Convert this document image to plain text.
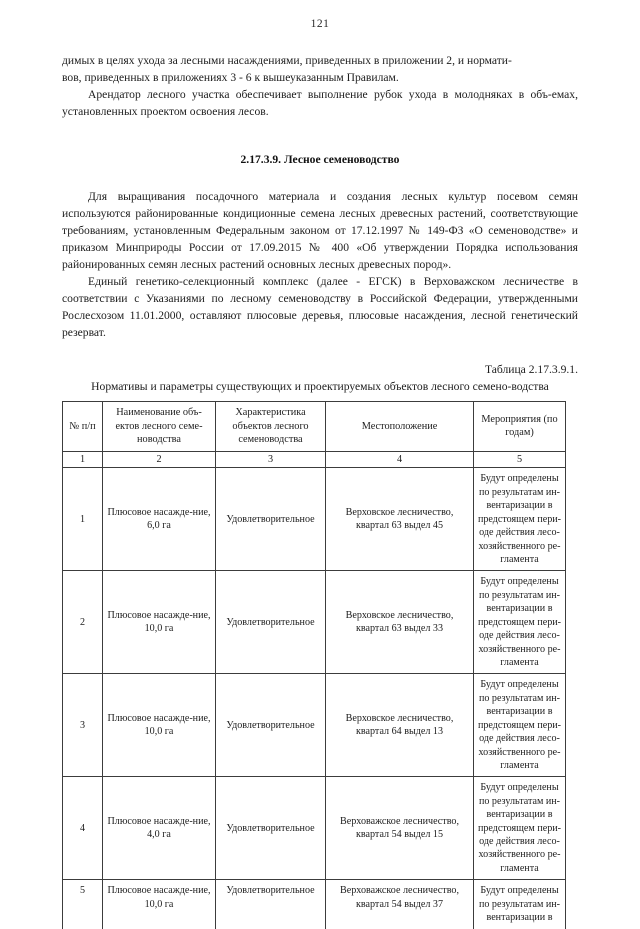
121

димых в целях ухода за лесными насаждениями, приведенных в приложении 2, и нормати-

вов, приведенных в приложениях 3 - 6 к вышеуказанным Правилам.

Арендатор лесного участка обеспечивает выполнение рубок ухода в молодняках в объ-емах, установленных проектом освоения лесов.

2.17.3.9. Лесное семеноводство

Для выращивания посадочного материала и создания лесных культур посевом семян используются районированные кондиционные семена лесных древесных растений, соответствующие требованиям, установленным Федеральным законом от 17.12.1997 № 149-ФЗ «О семеноводстве» и приказом Минприроды России от 17.09.2015 № 400 «Об утверждении Порядка использования районированных семян лесных растений основных лесных древесных пород».

Единый генетико-селекционный комплекс (далее - ЕГСК) в Верховажском лесничестве в соответствии с Указаниями по лесному семеноводству в Российской Федерации, утвержденными Рослесхозом 11.01.2000, оставляют плюсовые деревья, плюсовые насаждения, лесной генетический резерват.

Таблица 2.17.3.9.1.
Нормативы и параметры существующих и проектируемых объектов лесного семено-водства
№ п/п	Наименование объ-ектов лесного семе-новодства	Характеристика объектов лесного семеноводства	Местоположение	Мероприятия (по годам)
1	2	3	4	5
1	Плюсовое насажде-ние, 6,0 га	Удовлетворительное	Верховское лесничество, квартал 63 выдел 45	Будут определены по результатам ин-вентаризации в предстоящем пери-оде действия лесо-хозяйственного ре-гламента
2	Плюсовое насажде-ние, 10,0 га	Удовлетворительное	Верховское лесничество, квартал 63 выдел 33	Будут определены по результатам ин-вентаризации в предстоящем пери-оде действия лесо-хозяйственного ре-гламента
3	Плюсовое насажде-ние, 10,0 га	Удовлетворительное	Верховское лесничество, квартал 64 выдел 13	Будут определены по результатам ин-вентаризации в предстоящем пери-оде действия лесо-хозяйственного ре-гламента
4	Плюсовое насажде-ние, 4,0 га	Удовлетворительное	Верховажское лесничество, квартал 54 выдел 15	Будут определены по результатам ин-вентаризации в предстоящем пери-оде действия лесо-хозяйственного ре-гламента
5	Плюсовое насажде-ние, 10,0 га	Удовлетворительное	Верховажское лесничество, квартал 54 выдел 37	Будут определены по результатам ин-вентаризации в
